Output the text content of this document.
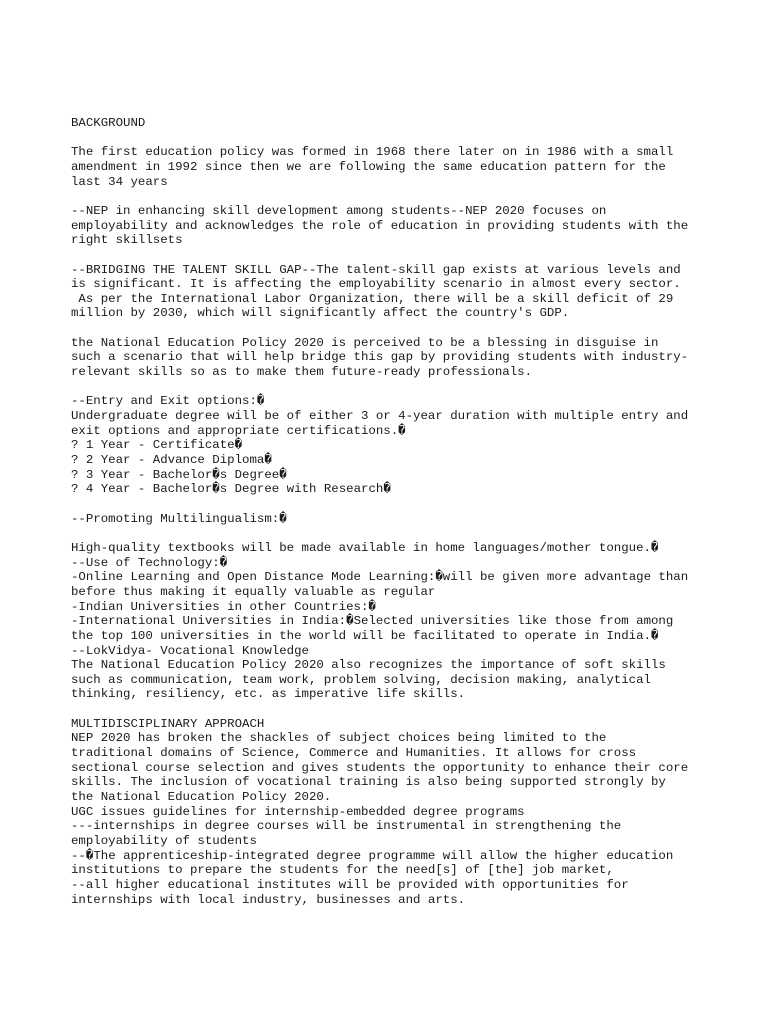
BACKGROUND
The first education policy was formed in 1968 there later on in 1986 with a small
amendment in 1992 since then we are following the same education pattern for the
last 34 years
--NEP in enhancing skill development among students--NEP 2020 focuses on
employability and acknowledges the role of education in providing students with the
right skillsets
--BRIDGING THE TALENT SKILL GAP--The talent-skill gap exists at various levels and
is significant. It is affecting the employability scenario in almost every sector.
As per the International Labor Organization, there will be a skill deficit of 29
million by 2030, which will significantly affect the country's GDP.
the National Education Policy 2020 is perceived to be a blessing in disguise in
such a scenario that will help bridge this gap by providing students with industry-
relevant skills so as to make them future-ready professionals.
--Entry and Exit options:�
Undergraduate degree will be of either 3 or 4-year duration with multiple entry and
exit options and appropriate certifications.�
? 1 Year - Certificate�
? 2 Year - Advance Diploma�
? 3 Year - Bachelor�s Degree�
? 4 Year - Bachelor�s Degree with Research�
--Promoting Multilingualism:�
High-quality textbooks will be made available in home languages/mother tongue.�
--Use of Technology:�
-Online Learning and Open Distance Mode Learning:�will be given more advantage than
before thus making it equally valuable as regular
-Indian Universities in other Countries:�
-International Universities in India:�Selected universities like those from among
the top 100 universities in the world will be facilitated to operate in India.�
--LokVidya- Vocational Knowledge
The National Education Policy 2020 also recognizes the importance of soft skills
such as communication, team work, problem solving, decision making, analytical
thinking, resiliency, etc. as imperative life skills.
MULTIDISCIPLINARY APPROACH
NEP 2020 has broken the shackles of subject choices being limited to the
traditional domains of Science, Commerce and Humanities. It allows for cross
sectional course selection and gives students the opportunity to enhance their core
skills. The inclusion of vocational training is also being supported strongly by
the National Education Policy 2020.
UGC issues guidelines for internship-embedded degree programs
---internships in degree courses will be instrumental in strengthening the
employability of students
--�The apprenticeship-integrated degree programme will allow the higher education
institutions to prepare the students for the need[s] of [the] job market,
--all higher educational institutes will be provided with opportunities for
internships with local industry, businesses and arts.
